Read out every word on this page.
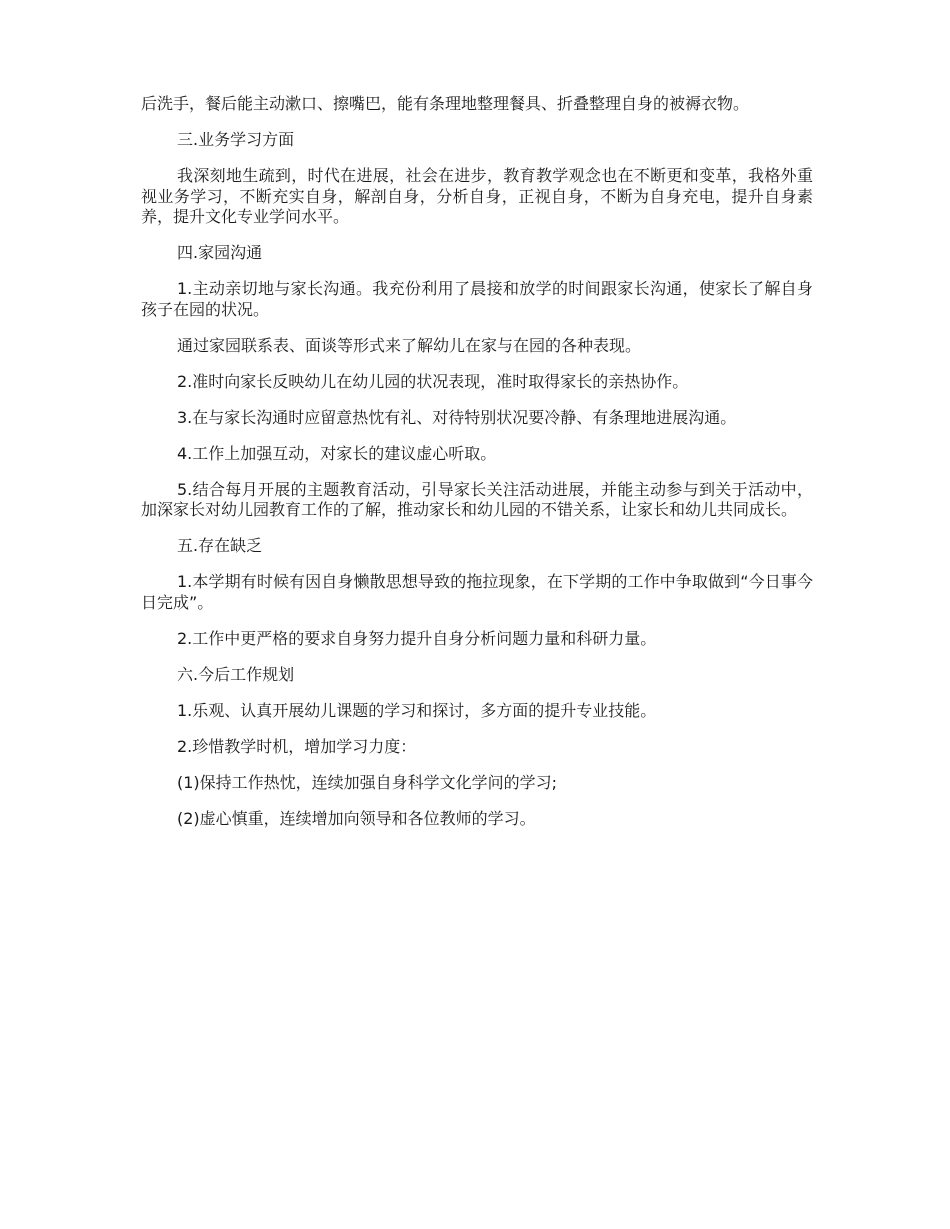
后洗手，餐后能主动漱口、擦嘴巴，能有条理地整理餐具、折叠整理自身的被褥衣物。

三.业务学习方面

我深刻地生疏到，时代在进展，社会在进步，教育教学观念也在不断更和变革，我格外重视业务学习，不断充实自身，解剖自身，分析自身，正视自身，不断为自身充电，提升自身素养，提升文化专业学问水平。

四.家园沟通

1.主动亲切地与家长沟通。我充份利用了晨接和放学的时间跟家长沟通，使家长了解自身孩子在园的状况。

通过家园联系表、面谈等形式来了解幼儿在家与在园的各种表现。

2.准时向家长反映幼儿在幼儿园的状况表现，准时取得家长的亲热协作。

3.在与家长沟通时应留意热忱有礼、对待特别状况要冷静、有条理地进展沟通。

4.工作上加强互动，对家长的建议虚心听取。

5.结合每月开展的主题教育活动，引导家长关注活动进展，并能主动参与到关于活动中，加深家长对幼儿园教育工作的了解，推动家长和幼儿园的不错关系，让家长和幼儿共同成长。

五.存在缺乏

1.本学期有时候有因自身懒散思想导致的拖拉现象，在下学期的工作中争取做到“今日事今日完成”。

2.工作中更严格的要求自身努力提升自身分析问题力量和科研力量。

六.今后工作规划

1.乐观、认真开展幼儿课题的学习和探讨，多方面的提升专业技能。

2.珍惜教学时机，增加学习力度：

(1)保持工作热忱，连续加强自身科学文化学问的学习;

(2)虚心慎重，连续增加向领导和各位教师的学习。
